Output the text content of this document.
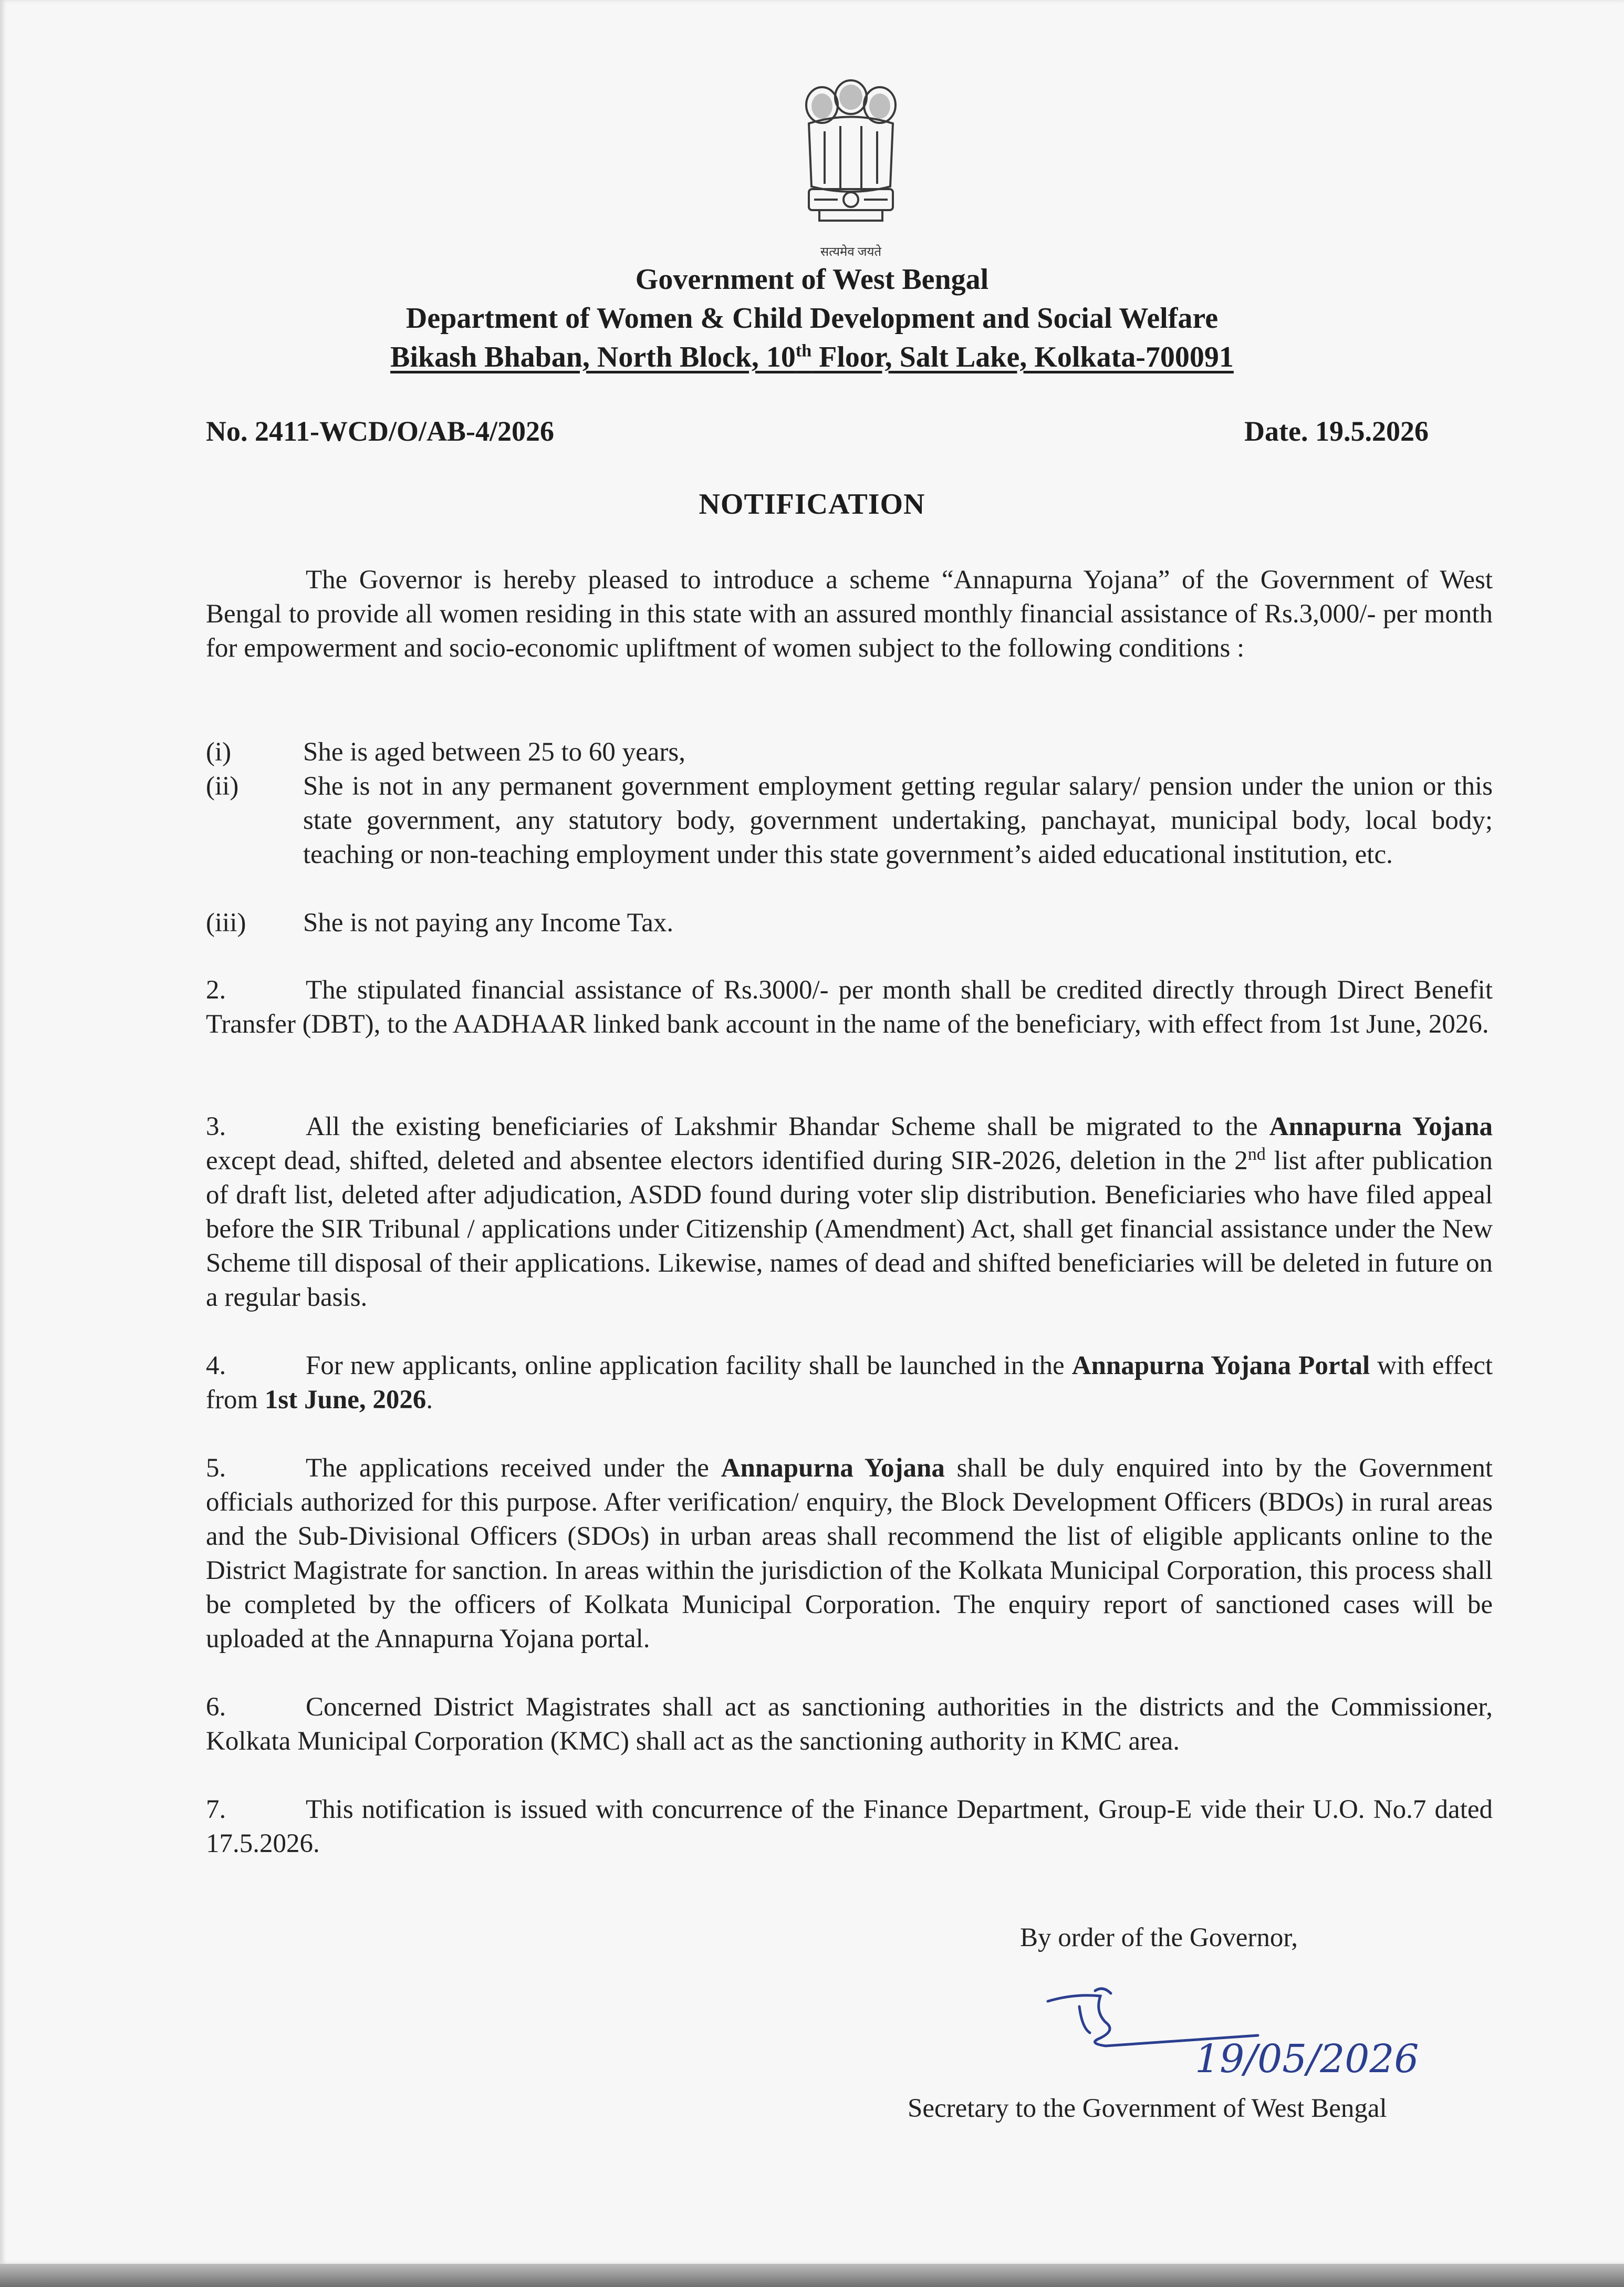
सत्यमेव जयते
Government of West Bengal
Department of Women & Child Development and Social Welfare
Bikash Bhaban, North Block, 10th Floor, Salt Lake, Kolkata-700091
No. 2411-WCD/O/AB-4/2026	Date. 19.5.2026
NOTIFICATION
The Governor is hereby pleased to introduce a scheme “Annapurna Yojana” of the Government of West Bengal to provide all women residing in this state with an assured monthly financial assistance of Rs.3,000/- per month for empowerment and socio-economic upliftment of women subject to the following conditions :
(i)	She is aged between 25 to 60 years,
(ii) She is not in any permanent government employment getting regular salary/ pension under the union or this state government, any statutory body, government undertaking, panchayat, municipal body, local body; teaching or non-teaching employment under this state government’s aided educational institution, etc.
(iii) She is not paying any Income Tax.
2.	The stipulated financial assistance of Rs.3000/- per month shall be credited directly through Direct Benefit Transfer (DBT), to the AADHAAR linked bank account in the name of the beneficiary, with effect from 1st June, 2026.
3.	All the existing beneficiaries of Lakshmir Bhandar Scheme shall be migrated to the Annapurna Yojana except dead, shifted, deleted and absentee electors identified during SIR-2026, deletion in the 2nd list after publication of draft list, deleted after adjudication, ASDD found during voter slip distribution. Beneficiaries who have filed appeal before the SIR Tribunal / applications under Citizenship (Amendment) Act, shall get financial assistance under the New Scheme till disposal of their applications. Likewise, names of dead and shifted beneficiaries will be deleted in future on a regular basis.
4.	For new applicants, online application facility shall be launched in the Annapurna Yojana Portal with effect from 1st June, 2026.
5.	The applications received under the Annapurna Yojana shall be duly enquired into by the Government officials authorized for this purpose. After verification/ enquiry, the Block Development Officers (BDOs) in rural areas and the Sub-Divisional Officers (SDOs) in urban areas shall recommend the list of eligible applicants online to the District Magistrate for sanction. In areas within the jurisdiction of the Kolkata Municipal Corporation, this process shall be completed by the officers of Kolkata Municipal Corporation. The enquiry report of sanctioned cases will be uploaded at the Annapurna Yojana portal.
6.	Concerned District Magistrates shall act as sanctioning authorities in the districts and the Commissioner, Kolkata Municipal Corporation (KMC) shall act as the sanctioning authority in KMC area.
7.	This notification is issued with concurrence of the Finance Department, Group-E vide their U.O. No.7 dated 17.5.2026.
By order of the Governor,
19/05/2026
Secretary to the Government of West Bengal
